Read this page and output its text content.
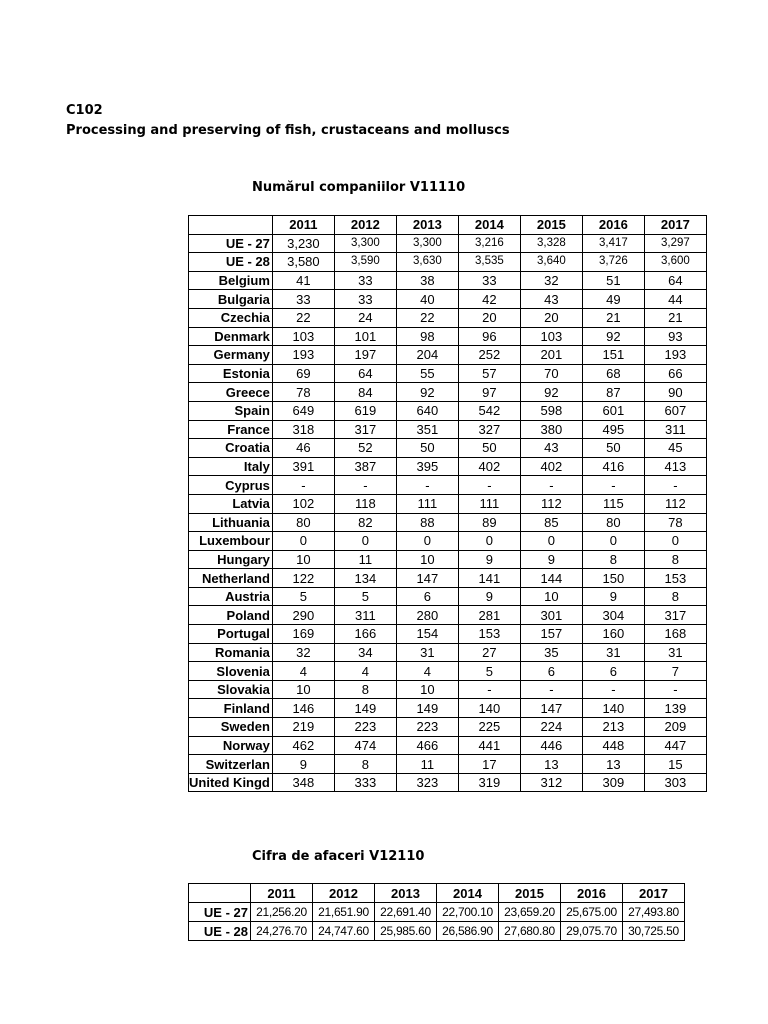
C102
Processing and preserving of fish, crustaceans and molluscs
Numărul companiilor V11110
	2011	2012	2013	2014	2015	2016	2017
UE - 27	3,230	3,300	3,300	3,216	3,328	3,417	3,297
UE - 28	3,580	3,590	3,630	3,535	3,640	3,726	3,600
Belgium	41	33	38	33	32	51	64
Bulgaria	33	33	40	42	43	49	44
Czechia	22	24	22	20	20	21	21
Denmark	103	101	98	96	103	92	93
Germany	193	197	204	252	201	151	193
Estonia	69	64	55	57	70	68	66
Greece	78	84	92	97	92	87	90
Spain	649	619	640	542	598	601	607
France	318	317	351	327	380	495	311
Croatia	46	52	50	50	43	50	45
Italy	391	387	395	402	402	416	413
Cyprus	-	-	-	-	-	-	-
Latvia	102	118	111	111	112	115	112
Lithuania	80	82	88	89	85	80	78
Luxembour	0	0	0	0	0	0	0
Hungary	10	11	10	9	9	8	8
Netherland	122	134	147	141	144	150	153
Austria	5	5	6	9	10	9	8
Poland	290	311	280	281	301	304	317
Portugal	169	166	154	153	157	160	168
Romania	32	34	31	27	35	31	31
Slovenia	4	4	4	5	6	6	7
Slovakia	10	8	10	-	-	-	-
Finland	146	149	149	140	147	140	139
Sweden	219	223	223	225	224	213	209
Norway	462	474	466	441	446	448	447
Switzerlan	9	8	11	17	13	13	15
United Kingd	348	333	323	319	312	309	303
Cifra de afaceri V12110
	2011	2012	2013	2014	2015	2016	2017
UE - 27	21,256.20	21,651.90	22,691.40	22,700.10	23,659.20	25,675.00	27,493.80
UE - 28	24,276.70	24,747.60	25,985.60	26,586.90	27,680.80	29,075.70	30,725.50
